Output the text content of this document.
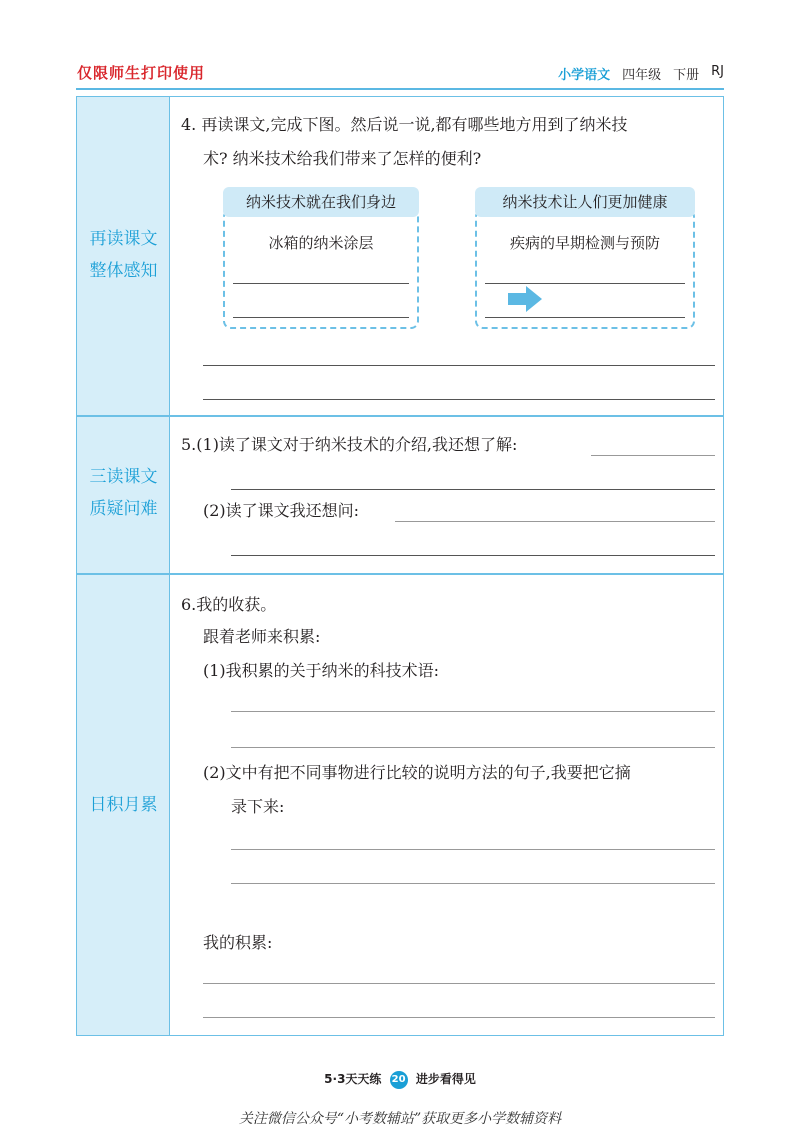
仅限师生打印使用	小学语文 四年级 下册 RJ
再读课文
整体感知
三读课文
质疑问难
日积月累
4. 再读课文,完成下图。然后说一说,都有哪些地方用到了纳米技
术? 纳米技术给我们带来了怎样的便利?
纳米技术就在我们身边
冰箱的纳米涂层
纳米技术让人们更加健康
疾病的早期检测与预防
5.(1)读了课文对于纳米技术的介绍,我还想了解:
(2)读了课文我还想问:
6.我的收获。
跟着老师来积累:
(1)我积累的关于纳米的科技术语:
(2)文中有把不同事物进行比较的说明方法的句子,我要把它摘
录下来:
我的积累:
5·3天天练 20 进步看得见
关注微信公众号“小考数辅站”获取更多小学数辅资料
